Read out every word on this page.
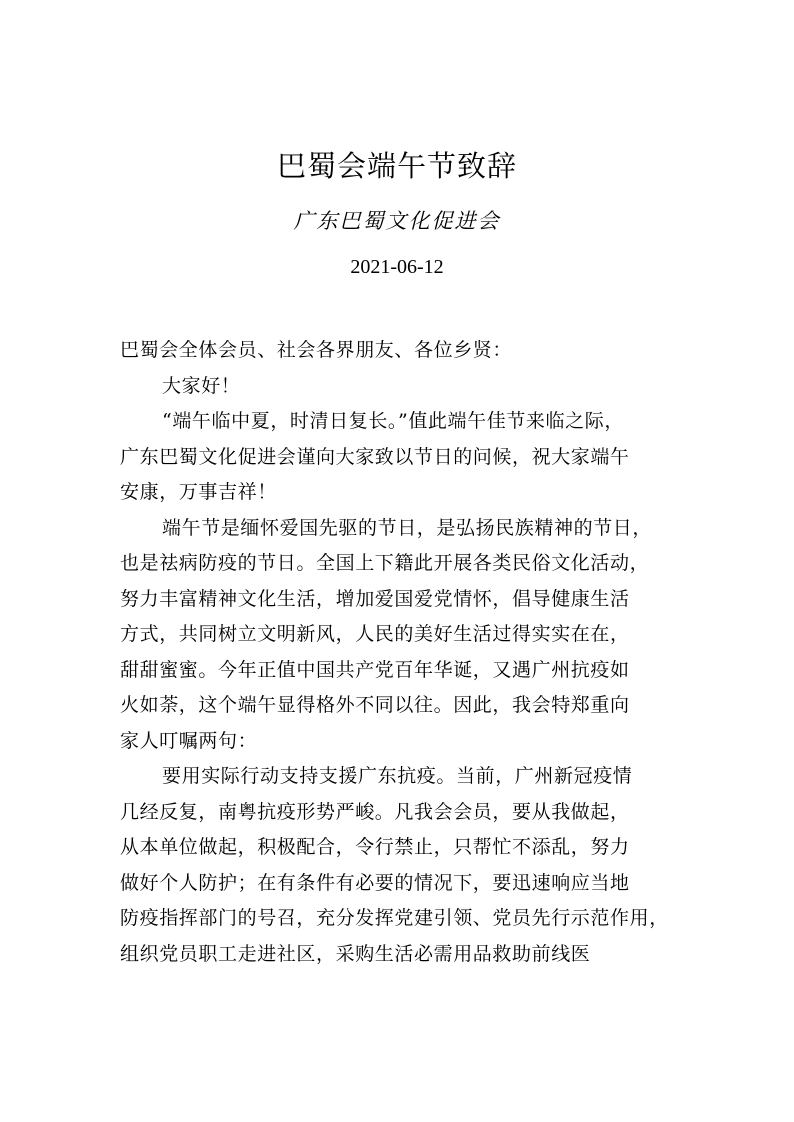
巴蜀会端午节致辞
广东巴蜀文化促进会
2021-06-12
巴蜀会全体会员、社会各界朋友、各位乡贤：
大家好！
“端午临中夏，时清日复长。”值此端午佳节来临之际，
广东巴蜀文化促进会谨向大家致以节日的问候，祝大家端午
安康，万事吉祥！
端午节是缅怀爱国先驱的节日，是弘扬民族精神的节日，
也是祛病防疫的节日。全国上下籍此开展各类民俗文化活动，
努力丰富精神文化生活，增加爱国爱党情怀，倡导健康生活
方式，共同树立文明新风，人民的美好生活过得实实在在，
甜甜蜜蜜。今年正值中国共产党百年华诞，又遇广州抗疫如
火如荼，这个端午显得格外不同以往。因此，我会特郑重向
家人叮嘱两句：
要用实际行动支持支援广东抗疫。当前，广州新冠疫情
几经反复，南粤抗疫形势严峻。凡我会会员，要从我做起，
从本单位做起，积极配合，令行禁止，只帮忙不添乱，努力
做好个人防护；在有条件有必要的情况下，要迅速响应当地
防疫指挥部门的号召，充分发挥党建引领、党员先行示范作用，
组织党员职工走进社区，采购生活必需用品救助前线医
